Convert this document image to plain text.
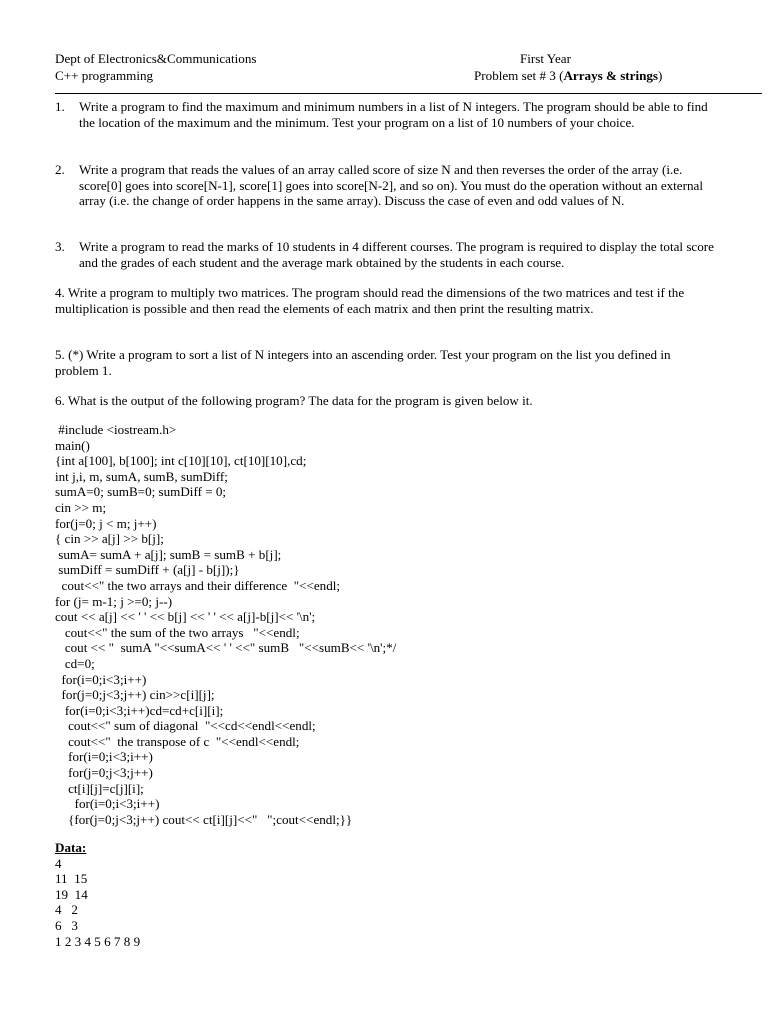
Dept of Electronics&Communications	First Year
C++ programming	Problem set # 3 (Arrays & strings)
1. Write a program to find the maximum and minimum numbers in a list of N integers. The program should be able to find the location of the maximum and the minimum. Test your program on a list of 10 numbers of your choice.
2. Write a program that reads the values of an array called score of size N and then reverses the order of the array (i.e. score[0] goes into score[N-1], score[1] goes into score[N-2], and so on). You must do the operation without an external array (i.e. the change of order happens in the same array). Discuss the case of even and odd values of N.
3. Write a program to read the marks of 10 students in 4 different courses. The program is required to display the total score and the grades of each student and the average mark obtained by the students in each course.
4. Write a program to multiply two matrices. The program should read the dimensions of the two matrices and test if the multiplication is possible and then read the elements of each matrix and then print the resulting matrix.
5. (*) Write a program to sort a list of N integers into an ascending order. Test your program on the list you defined in problem 1.
6. What is the output of the following program? The data for the program is given below it.
#include <iostream.h>
main()
{int a[100], b[100]; int c[10][10], ct[10][10],cd;
int j,i, m, sumA, sumB, sumDiff;
sumA=0; sumB=0; sumDiff = 0;
cin >> m;
for(j=0; j < m; j++)
{ cin >> a[j] >> b[j];
sumA= sumA + a[j]; sumB = sumB + b[j];
sumDiff = sumDiff + (a[j] - b[j]);}
cout<<" the two arrays and their difference  "<<endl;
for (j= m-1; j >=0; j--)
cout << a[j] << ' ' << b[j] << ' ' << a[j]-b[j]<< '\n';
cout<<" the sum of the two arrays   "<<endl;
cout << "  sumA "<<sumA<< ' ' <<" sumB   "<<sumB<< '\n';*/
cd=0;
for(i=0;i<3;i++)
for(j=0;j<3;j++) cin>>c[i][j];
for(i=0;i<3;i++)cd=cd+c[i][i];
cout<<" sum of diagonal  "<<cd<<endl<<endl;
cout<<"  the transpose of c  "<<endl<<endl;
for(i=0;i<3;i++)
for(j=0;j<3;j++)
ct[i][j]=c[j][i];
for(i=0;i<3;i++)
{for(j=0;j<3;j++) cout<< ct[i][j]<<"   ";cout<<endl;}}
Data:
4
11  15
19  14
4   2
6   3
1 2 3 4 5 6 7 8 9
